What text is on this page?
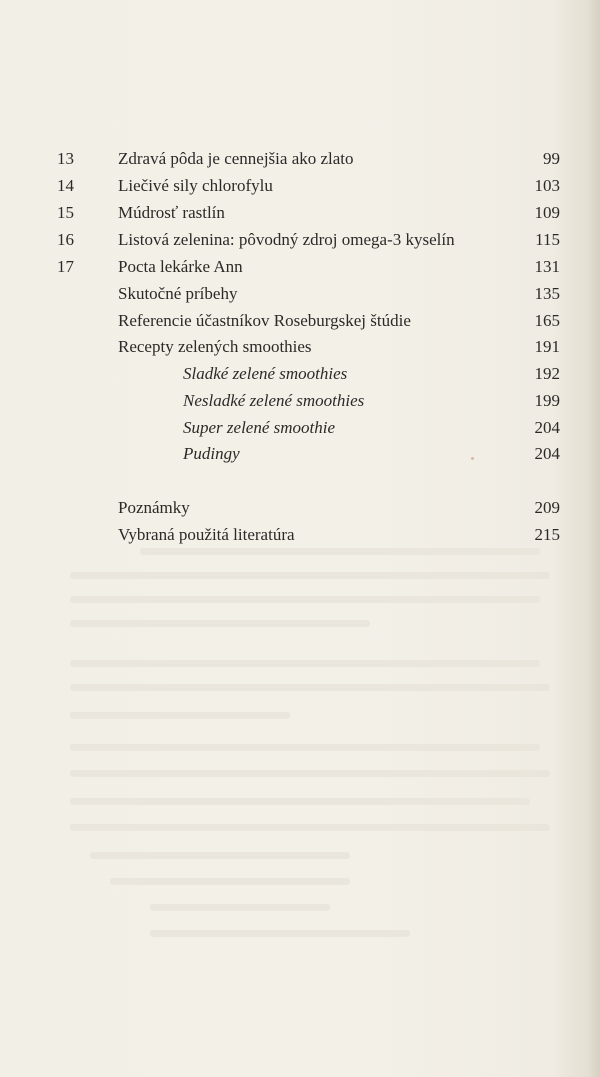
13	Zdravá pôda je cennejšia ako zlato	99
14	Liečivé sily chlorofylu	103
15	Múdrosť rastlín	109
16	Listová zelenina: pôvodný zdroj omega-3 kyselín	115
17	Pocta lekárke Ann	131
Skutočné príbehy	135
Referencie účastníkov Roseburgskej štúdie	165
Recepty zelených smoothies	191
Sladké zelené smoothies	192
Nesladké zelené smoothies	199
Super zelené smoothie	204
Pudingy	204
Poznámky	209
Vybraná použitá literatúra	215
